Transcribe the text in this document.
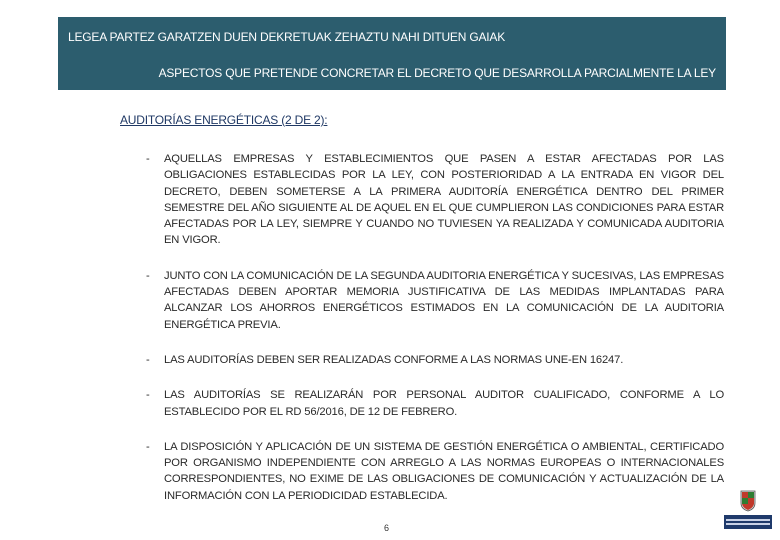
LEGEA PARTEZ GARATZEN DUEN DEKRETUAK ZEHAZTU NAHI DITUEN GAIAK
ASPECTOS QUE PRETENDE CONCRETAR EL DECRETO QUE DESARROLLA PARCIALMENTE LA LEY
AUDITORÍAS ENERGÉTICAS (2 DE 2):
- AQUELLAS EMPRESAS Y ESTABLECIMIENTOS QUE PASEN A ESTAR AFECTADAS POR LAS OBLIGACIONES ESTABLECIDAS POR LA LEY, CON POSTERIORIDAD A LA ENTRADA EN VIGOR DEL DECRETO, DEBEN SOMETERSE A LA PRIMERA AUDITORÍA ENERGÉTICA DENTRO DEL PRIMER SEMESTRE DEL AÑO SIGUIENTE AL DE AQUEL EN EL QUE CUMPLIERON LAS CONDICIONES PARA ESTAR AFECTADAS POR LA LEY, SIEMPRE Y CUANDO NO TUVIESEN YA REALIZADA Y COMUNICADA AUDITORIA EN VIGOR.
- JUNTO CON LA COMUNICACIÓN DE LA SEGUNDA AUDITORIA ENERGÉTICA Y SUCESIVAS, LAS EMPRESAS AFECTADAS DEBEN APORTAR MEMORIA JUSTIFICATIVA DE LAS MEDIDAS IMPLANTADAS PARA ALCANZAR LOS AHORROS ENERGÉTICOS ESTIMADOS EN LA COMUNICACIÓN DE LA AUDITORIA ENERGÉTICA PREVIA.
- LAS AUDITORÍAS DEBEN SER REALIZADAS CONFORME A LAS NORMAS UNE-EN 16247.
- LAS AUDITORÍAS SE REALIZARÁN POR PERSONAL AUDITOR CUALIFICADO, CONFORME A LO ESTABLECIDO POR EL RD 56/2016, DE 12 DE FEBRERO.
- LA DISPOSICIÓN Y APLICACIÓN DE UN SISTEMA DE GESTIÓN ENERGÉTICA O AMBIENTAL, CERTIFICADO POR ORGANISMO INDEPENDIENTE CON ARREGLO A LAS NORMAS EUROPEAS O INTERNACIONALES CORRESPONDIENTES, NO EXIME DE LAS OBLIGACIONES DE COMUNICACIÓN Y ACTUALIZACIÓN DE LA INFORMACIÓN CON LA PERIODICIDAD ESTABLECIDA.
6
